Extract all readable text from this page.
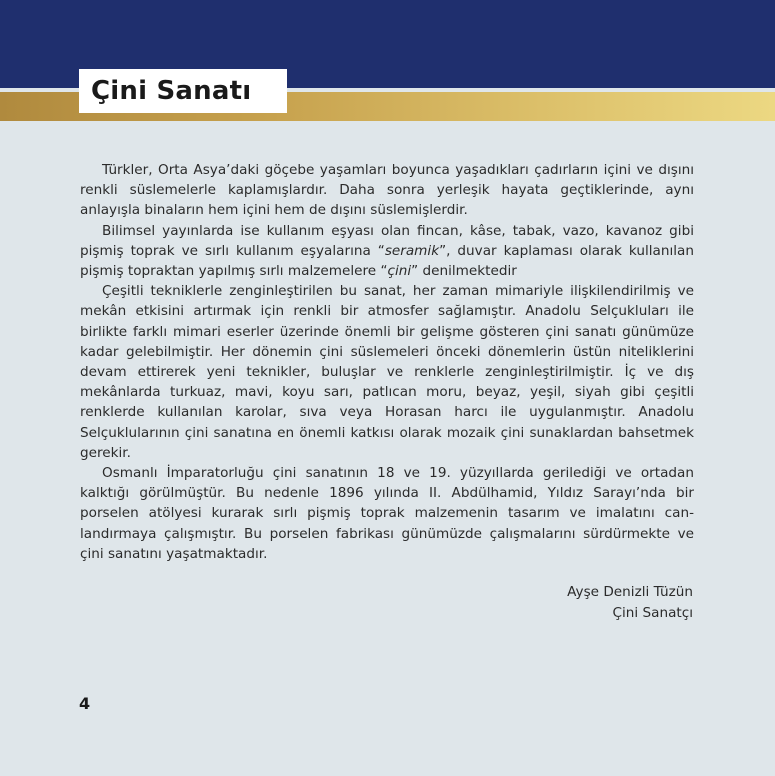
Çini Sanatı

Türkler, Orta Asya’daki göçebe yaşamları boyunca yaşadıkları çadırların içini ve dışını renkli süslemelerle kaplamışlardır. Daha sonra yerleşik hayata geçtiklerinde, aynı anlayışla binaların hem içini hem de dışını süslemişlerdir.

Bilimsel yayınlarda ise kullanım eşyası olan fincan, kâse, tabak, vazo, kavanoz gibi pişmiş toprak ve sırlı kullanım eşyalarına “seramik”, duvar kaplaması olarak kullanılan pişmiş topraktan yapılmış sırlı malzemelere “çini” denilmektedir

Çeşitli tekniklerle zenginleştirilen bu sanat, her zaman mimariyle ilişkilendirilmiş ve mekân etkisini artırmak için renkli bir atmosfer sağlamıştır. Anadolu Selçukluları ile birlikte farklı mimari eserler üzerinde önemli bir gelişme gösteren çini sanatı günümüze kadar gelebilmiştir. Her dönemin çini süslemeleri önceki dönemlerin üstün niteliklerini devam ettirerek yeni teknikler, buluşlar ve renklerle zenginleştirilmiştir. İç ve dış mekânlarda turkuaz, mavi, koyu sarı, patlıcan moru, beyaz, yeşil, siyah gibi çeşitli renklerde kullanılan karolar, sıva veya Horasan harcı ile uygulanmıştır. Anadolu Selçuklularının çini sanatına en önemli katkısı olarak mozaik çini sunaklardan bahsetmek gerekir.

Osmanlı İmparatorluğu çini sanatının 18 ve 19. yüzyıllarda gerilediği ve ortadan kalktığı görülmüştür. Bu nedenle 1896 yılında II. Abdülhamid, Yıldız Sarayı’nda bir porselen atölyesi kurarak sırlı pişmiş toprak malzemenin tasarım ve imalatını canlandırmaya çalışmıştır. Bu porselen fabrikası günümüzde çalışmalarını sürdürmekte ve çini sanatını yaşatmaktadır.

Ayşe Denizli Tüzün
Çini Sanatçı
4
